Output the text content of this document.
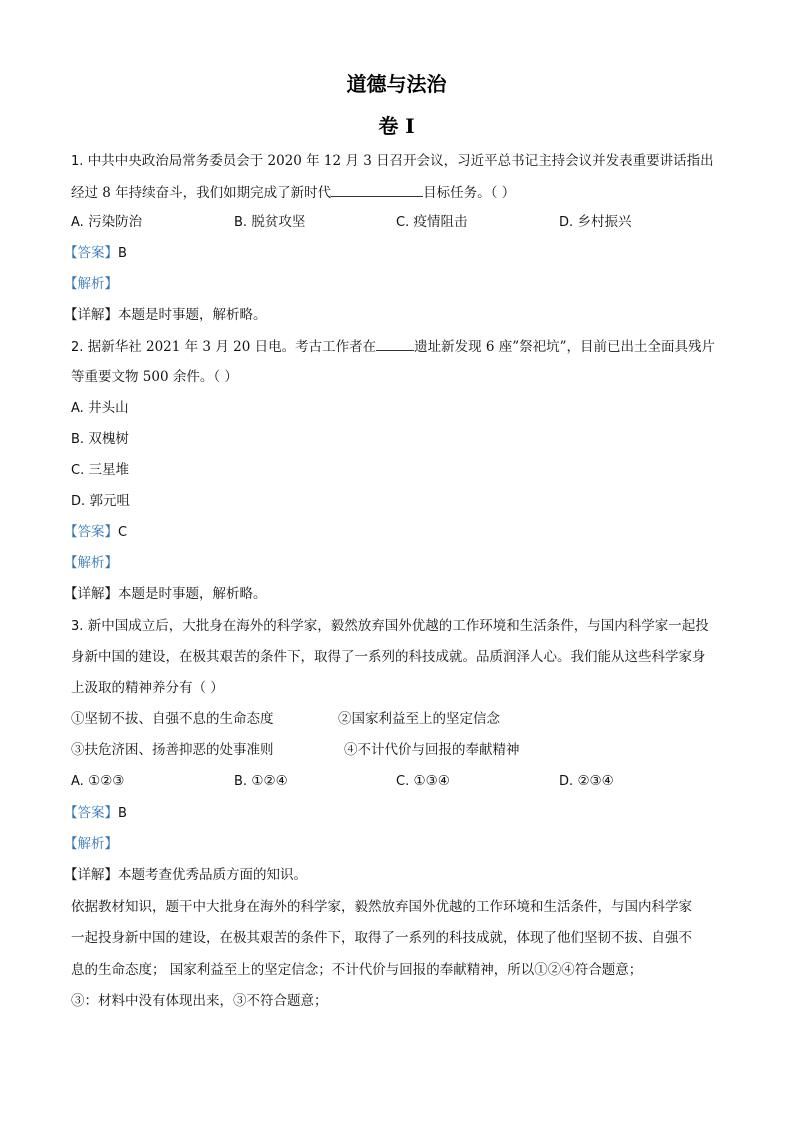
道德与法治
卷 I
1. 中共中央政治局常务委员会于 2020 年 12 月 3 日召开会议，习近平总书记主持会议并发表重要讲话指出
经过 8 年持续奋斗，我们如期完成了新时代	目标任务。（ ）
A. 污染防治	B. 脱贫攻坚	C. 疫情阻击	D. 乡村振兴
【答案】B
【解析】
【详解】本题是时事题，解析略。
2. 据新华社 2021 年 3 月 20 日电。考古工作者在	遗址新发现 6 座”祭祀坑”，目前已出土全面具残片
等重要文物 500 余件。（ ）
A. 井头山
B. 双槐树
C. 三星堆
D. 郭元咀
【答案】C
【解析】
【详解】本题是时事题，解析略。
3. 新中国成立后，大批身在海外的科学家，毅然放弃国外优越的工作环境和生活条件，与国内科学家一起投
身新中国的建设，在极其艰苦的条件下，取得了一系列的科技成就。品质润泽人心。我们能从这些科学家身
上汲取的精神养分有（ ）
①坚韧不拔、自强不息的生命态度	②国家利益至上的坚定信念
③扶危济困、扬善抑恶的处事准则	④不计代价与回报的奉献精神
A. ①②③	B. ①②④	C. ①③④	D. ②③④
【答案】B
【解析】
【详解】本题考查优秀品质方面的知识。
依据教材知识，题干中大批身在海外的科学家，毅然放弃国外优越的工作环境和生活条件，与国内科学家
一起投身新中国的建设，在极其艰苦的条件下，取得了一系列的科技成就，体现了他们坚韧不拔、自强不
息的生命态度； 国家利益至上的坚定信念；不计代价与回报的奉献精神，所以①②④符合题意；
③：材料中没有体现出来，③不符合题意；
